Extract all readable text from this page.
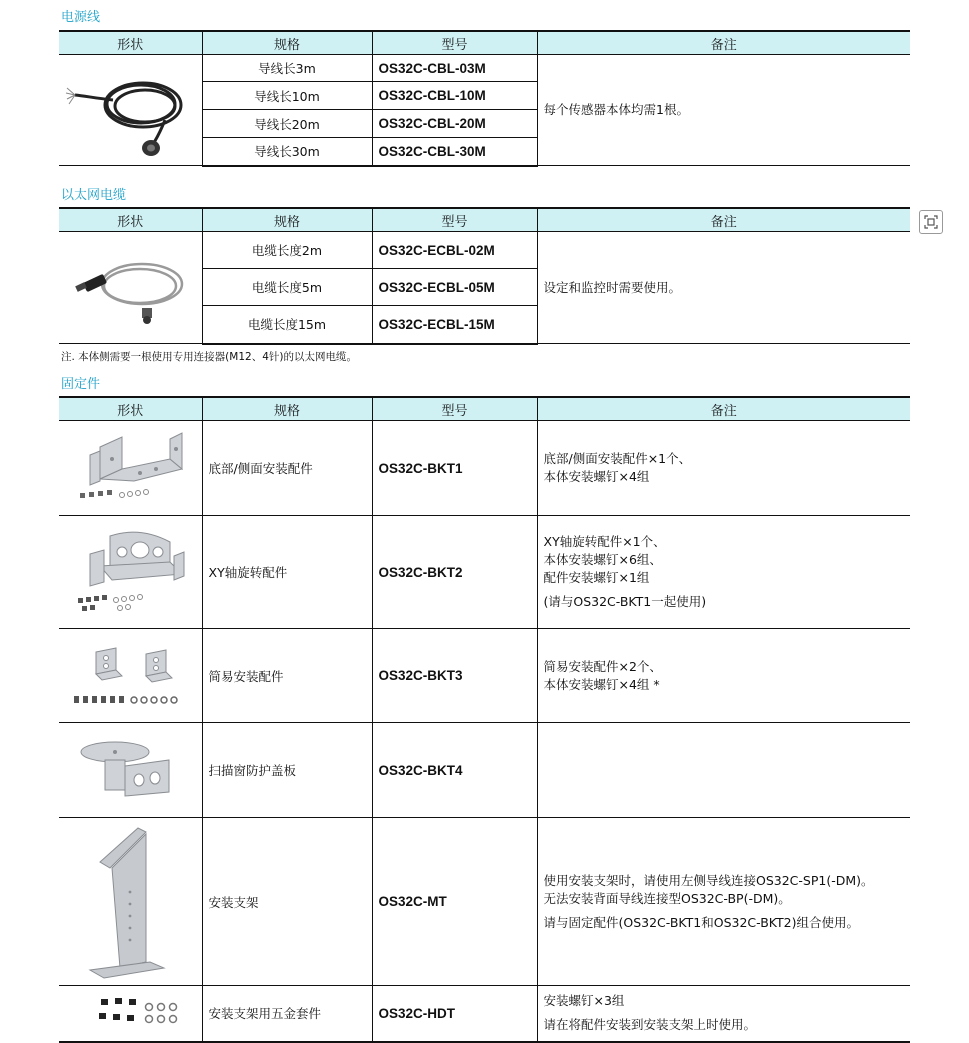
电源线
形状	规格	型号	备注

	导线长3m	OS32C-CBL-03M	每个传感器本体均需1根。
	导线长10m	OS32C-CBL-10M	
	导线长20m	OS32C-CBL-20M	
	导线长30m	OS32C-CBL-30M	
以太网电缆
形状	规格	型号	备注

	电缆长度2m	OS32C-ECBL-02M	设定和监控时需要使用。
	电缆长度5m	OS32C-ECBL-05M	
	电缆长度15m	OS32C-ECBL-15M	

注. 本体侧需要一根使用专用连接器(M12、4针)的以太网电缆。

固定件
形状	规格	型号	备注

	底部/侧面安装配件	OS32C-BKT1	底部/侧面安装配件×1个、
本体安装螺钉×4组

	XY轴旋转配件	OS32C-BKT2	XY轴旋转配件×1个、
本体安装螺钉×6组、
配件安装螺钉×1组
(请与OS32C-BKT1一起使用)

	简易安装配件	OS32C-BKT3	简易安装配件×2个、
本体安装螺钉×4组 *

	扫描窗防护盖板	OS32C-BKT4	

	安装支架	OS32C-MT	使用安装支架时，请使用左侧导线连接OS32C-SP1(-DM)。
无法安装背面导线连接型OS32C-BP(-DM)。
请与固定配件(OS32C-BKT1和OS32C-BKT2)组合使用。

	安装支架用五金套件	OS32C-HDT	安装螺钉×3组
请在将配件安装到安装支架上时使用。
